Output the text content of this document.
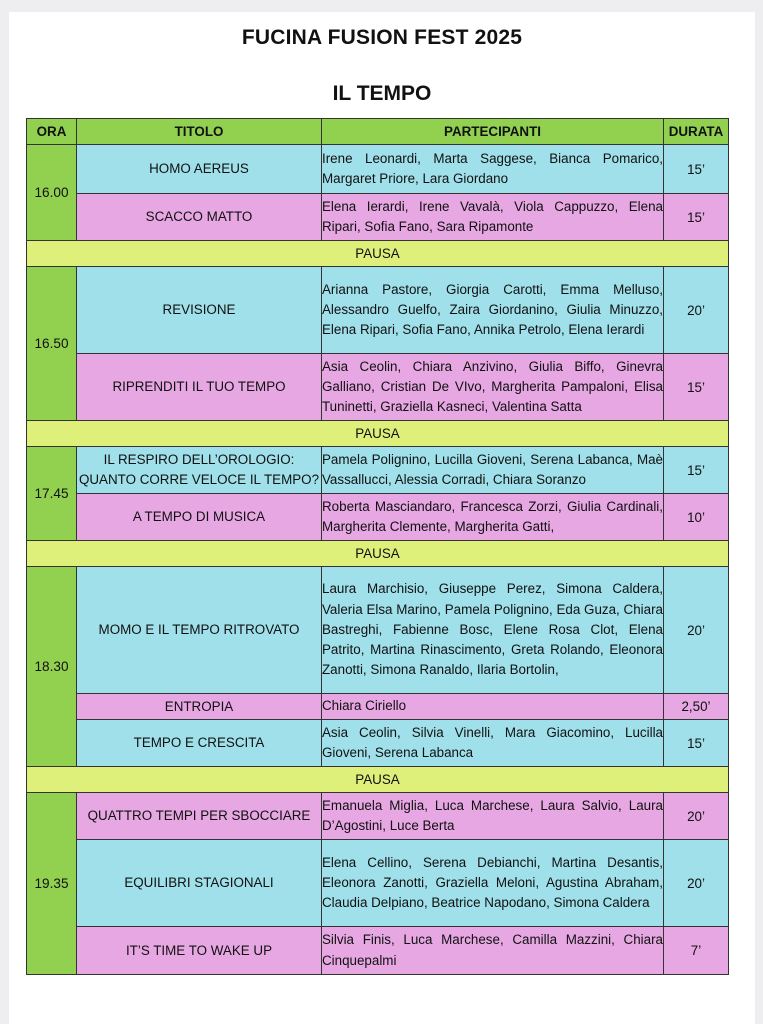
FUCINA FUSION FEST 2025
IL TEMPO
ORA	TITOLO	PARTECIPANTI	DURATA
16.00	HOMO AEREUS	Irene Leonardi, Marta Saggese, Bianca Pomarico, Margaret Priore, Lara Giordano	15’
	SCACCO MATTO	Elena Ierardi, Irene Vavalà, Viola Cappuzzo, Elena Ripari, Sofia Fano, Sara Ripamonte	15’
PAUSA			
16.50	REVISIONE	Arianna Pastore, Giorgia Carotti, Emma Melluso, Alessandro Guelfo, Zaira Giordanino, Giulia Minuzzo, Elena Ripari, Sofia Fano, Annika Petrolo, Elena Ierardi	20’
	RIPRENDITI IL TUO TEMPO	Asia Ceolin, Chiara Anzivino, Giulia Biffo, Ginevra Galliano, Cristian De VIvo, Margherita Pampaloni, Elisa Tuninetti, Graziella Kasneci, Valentina Satta	15’
PAUSA			
17.45	IL RESPIRO DELL’OROLOGIO: QUANTO CORRE VELOCE IL TEMPO?	Pamela Polignino, Lucilla Gioveni, Serena Labanca, Maè Vassallucci, Alessia Corradi, Chiara Soranzo	15’
	A TEMPO DI MUSICA	Roberta Masciandaro, Francesca Zorzi, Giulia Cardinali, Margherita Clemente, Margherita Gatti,	10’
PAUSA			
18.30	MOMO E IL TEMPO RITROVATO	Laura Marchisio, Giuseppe Perez, Simona Caldera, Valeria Elsa Marino, Pamela Polignino, Eda Guza, Chiara Bastreghi, Fabienne Bosc, Elene Rosa Clot, Elena Patrito, Martina Rinascimento, Greta Rolando, Eleonora Zanotti, Simona Ranaldo, Ilaria Bortolin,	20’
	ENTROPIA	Chiara Ciriello	2,50’
	TEMPO E CRESCITA	Asia Ceolin, Silvia Vinelli, Mara Giacomino, Lucilla Gioveni, Serena Labanca	15’
PAUSA			
19.35	QUATTRO TEMPI PER SBOCCIARE	Emanuela Miglia, Luca Marchese, Laura Salvio, Laura D’Agostini, Luce Berta	20’
	EQUILIBRI STAGIONALI	Elena Cellino, Serena Debianchi, Martina Desantis, Eleonora Zanotti, Graziella Meloni, Agustina Abraham, Claudia Delpiano, Beatrice Napodano, Simona Caldera	20’
	IT’S TIME TO WAKE UP	Silvia Finis, Luca Marchese, Camilla Mazzini, Chiara Cinquepalmi	7’
